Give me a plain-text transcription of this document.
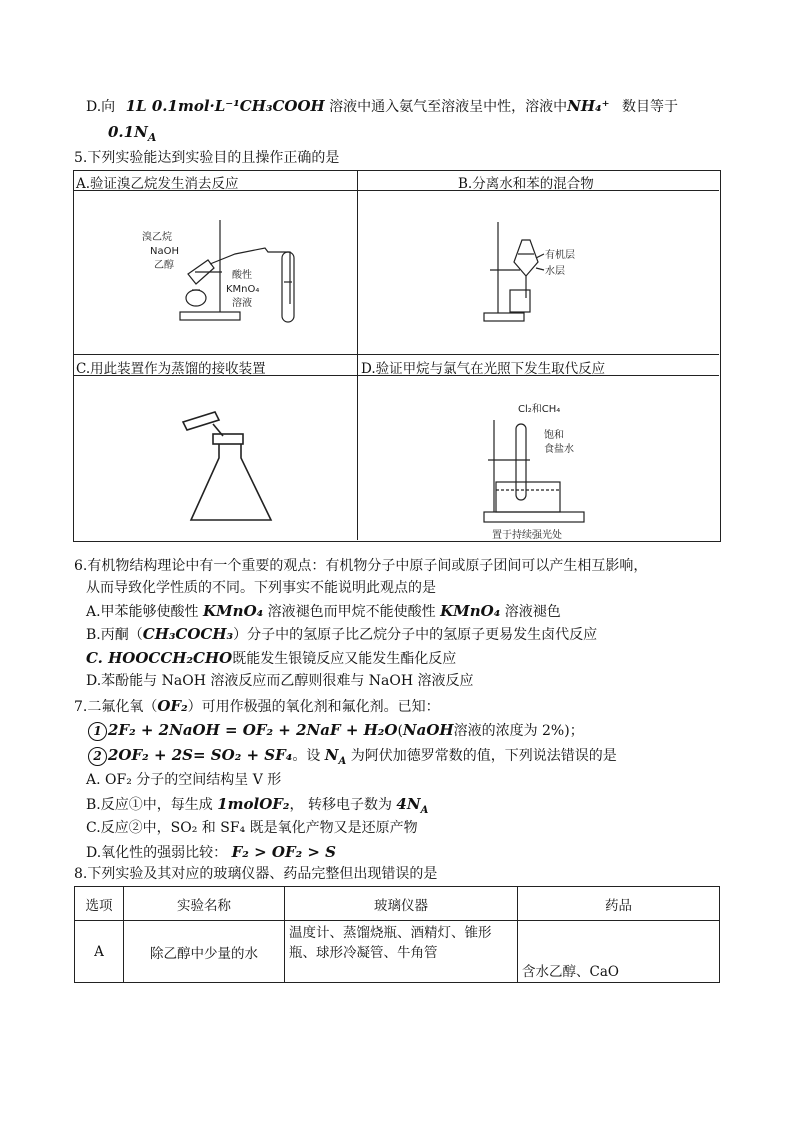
D.向 1L 0.1mol·L⁻¹CH₃COOH 溶液中通入氨气至溶液呈中性，溶液中NH₄⁺ 数目等于
$0.1N_A$
5.下列实验能达到实验目的且操作正确的是
A.验证溴乙烷发生消去反应	B.分离水和苯的混合物
C.用此装置作为蒸馏的接收装置	D.验证甲烷与氯气在光照下发生取代反应
溴乙烷
NaOH
乙醇
酸性
KMnO₄
溶液
有机层
水层
Cl₂和CH₄
饱和
食盐水
置于持续强光处
6.有机物结构理论中有一个重要的观点：有机物分子中原子间或原子团间可以产生相互影响，
从而导致化学性质的不同。下列事实不能说明此观点的是
A.甲苯能够使酸性 KMnO₄ 溶液褪色而甲烷不能使酸性 KMnO₄ 溶液褪色
B.丙酮（CH₃COCH₃）分子中的氢原子比乙烷分子中的氢原子更易发生卤代反应
C. HOOCCH₂CHO既能发生银镜反应又能发生酯化反应
D.苯酚能与 NaOH 溶液反应而乙醇则很难与 NaOH 溶液反应
7.二氟化氧（OF₂）可用作极强的氧化剂和氟化剂。已知：
1 2F₂ + 2NaOH = OF₂ + 2NaF + H₂O(NaOH溶液的浓度为 2%)；
2 2OF₂ + 2S= SO₂ + SF₄。设 $N_A$ 为阿伏加德罗常数的值，下列说法错误的是
A. OF₂ 分子的空间结构呈 V 形
B.反应①中，每生成 1molOF₂， 转移电子数为 $4N_A$
C.反应②中，SO₂ 和 SF₄ 既是氧化产物又是还原产物
D.氧化性的强弱比较： F₂ > OF₂ > S
8.下列实验及其对应的玻璃仪器、药品完整但出现错误的是
选项	实验名称	玻璃仪器	药品
A	除乙醇中少量的水	温度计、蒸馏烧瓶、酒精灯、锥形瓶、球形冷凝管、牛角管	含水乙醇、CaO
